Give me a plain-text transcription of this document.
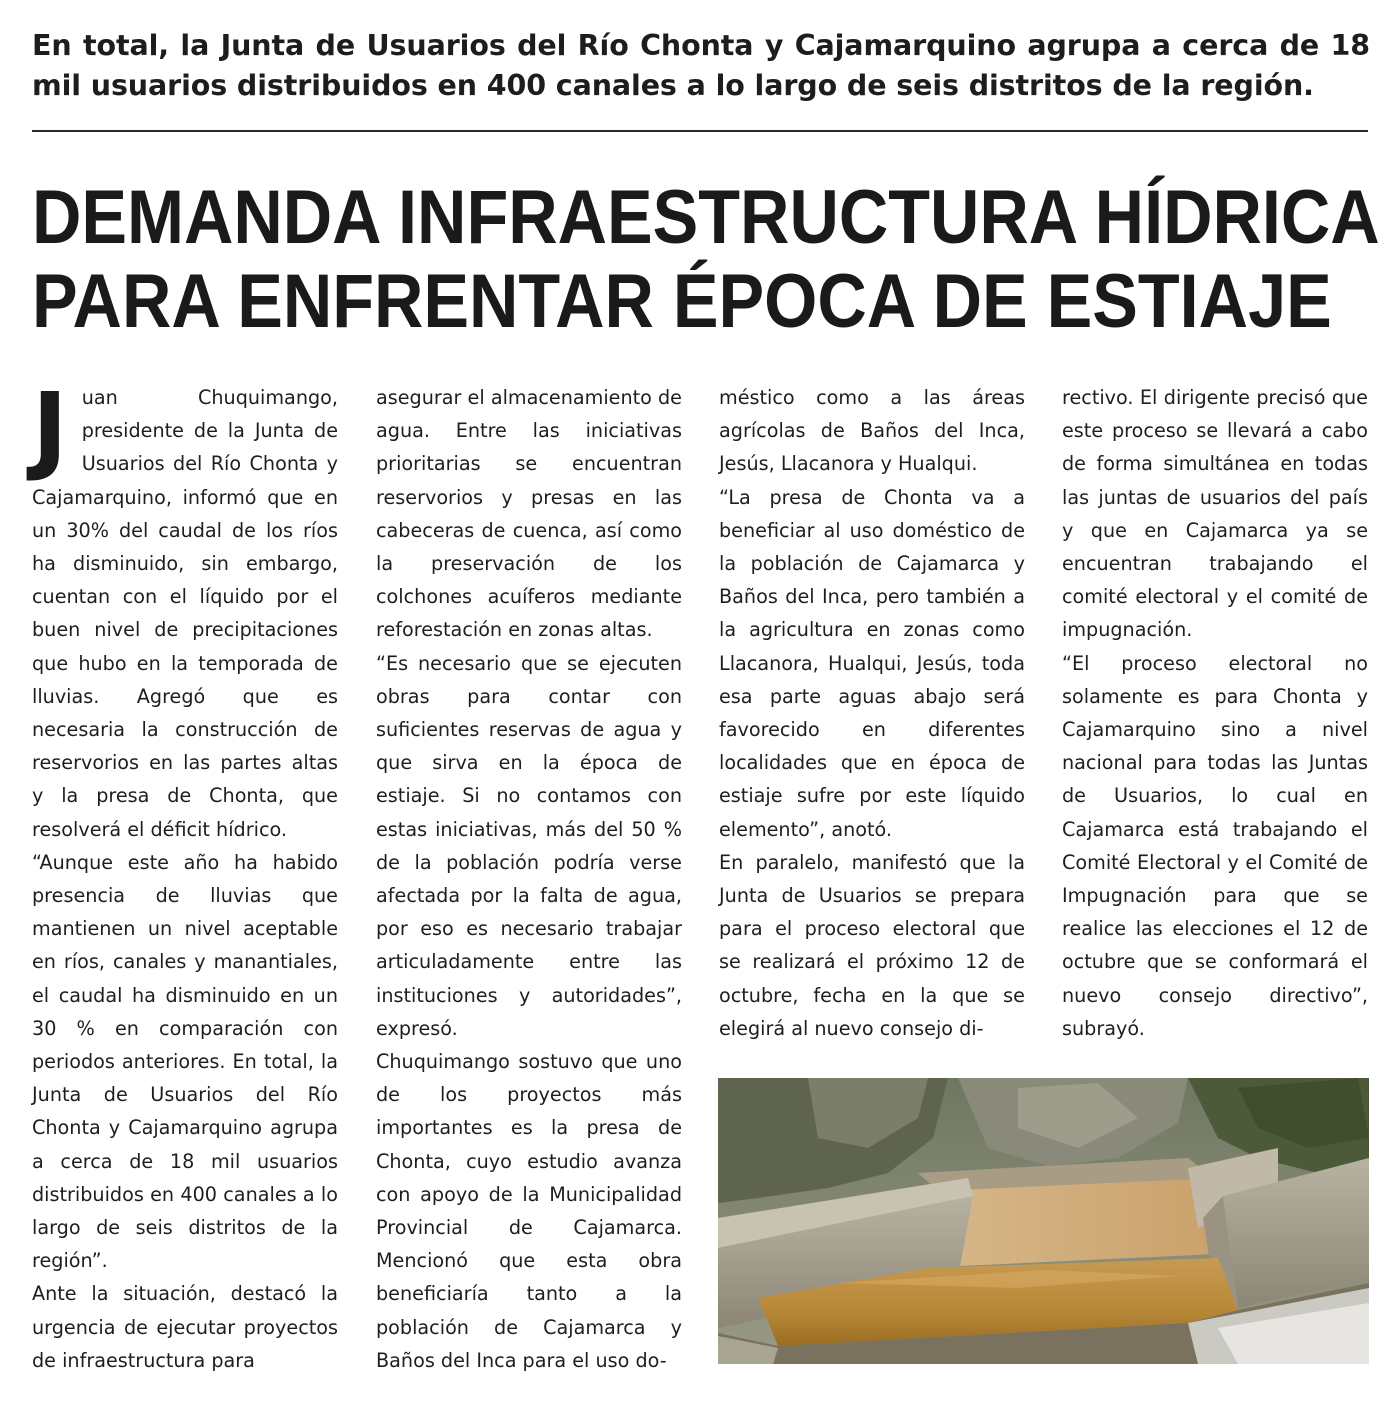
En total, la Junta de Usuarios del Río Chonta y Cajamarquino agrupa a cerca de 18 mil usuarios distribuidos en 400 canales a lo largo de seis distritos de la región.
DEMANDA INFRAESTRUCTURA HÍDRICA
PARA ENFRENTAR ÉPOCA DE ESTIAJE

Juan Chuquimango, presidente de la Junta de Usuarios del Río Chonta y Cajamarquino, informó que en un 30% del caudal de los ríos ha disminuido, sin embargo, cuentan con el líquido por el buen nivel de precipitaciones que hubo en la temporada de lluvias. Agregó que es necesaria la construcción de reservorios en las partes altas y la presa de Chonta, que resolverá el déficit hídrico.

“Aunque este año ha habido presencia de lluvias que mantienen un nivel aceptable en ríos, canales y manantiales, el caudal ha disminuido en un 30 % en comparación con periodos anteriores. En total, la Junta de Usuarios del Río Chonta y Cajamarquino agrupa a cerca de 18 mil usuarios distribuidos en 400 canales a lo largo de seis distritos de la región”.

Ante la situación, destacó la urgencia de ejecutar proyectos de infraestructura para

asegurar el almacenamiento de agua. Entre las iniciativas prioritarias se encuentran reservorios y presas en las cabeceras de cuenca, así como la preservación de los colchones acuíferos mediante reforestación en zonas altas.

“Es necesario que se ejecuten obras para contar con suficientes reservas de agua y que sirva en la época de estiaje. Si no contamos con estas iniciativas, más del 50 % de la población podría verse afectada por la falta de agua, por eso es necesario trabajar articuladamente entre las instituciones y autoridades”, expresó.

Chuquimango sostuvo que uno de los proyectos más importantes es la presa de Chonta, cuyo estudio avanza con apoyo de la Municipalidad Provincial de Cajamarca. Mencionó que esta obra beneficiaría tanto a la población de Cajamarca y Baños del Inca para el uso do-

méstico como a las áreas agrícolas de Baños del Inca, Jesús, Llacanora y Hualqui.

“La presa de Chonta va a beneficiar al uso doméstico de la población de Cajamarca y Baños del Inca, pero también a la agricultura en zonas como Llacanora, Hualqui, Jesús, toda esa parte aguas abajo será favorecido en diferentes localidades que en época de estiaje sufre por este líquido elemento”, anotó.

En paralelo, manifestó que la Junta de Usuarios se prepara para el proceso electoral que se realizará el próximo 12 de octubre, fecha en la que se elegirá al nuevo consejo di-

rectivo. El dirigente precisó que este proceso se llevará a cabo de forma simultánea en todas las juntas de usuarios del país y que en Cajamarca ya se encuentran trabajando el comité electoral y el comité de impugnación.

“El proceso electoral no solamente es para Chonta y Cajamarquino sino a nivel nacional para todas las Juntas de Usuarios, lo cual en Cajamarca está trabajando el Comité Electoral y el Comité de Impugnación para que se realice las elecciones el 12 de octubre que se conformará el nuevo consejo directivo”, subrayó.
